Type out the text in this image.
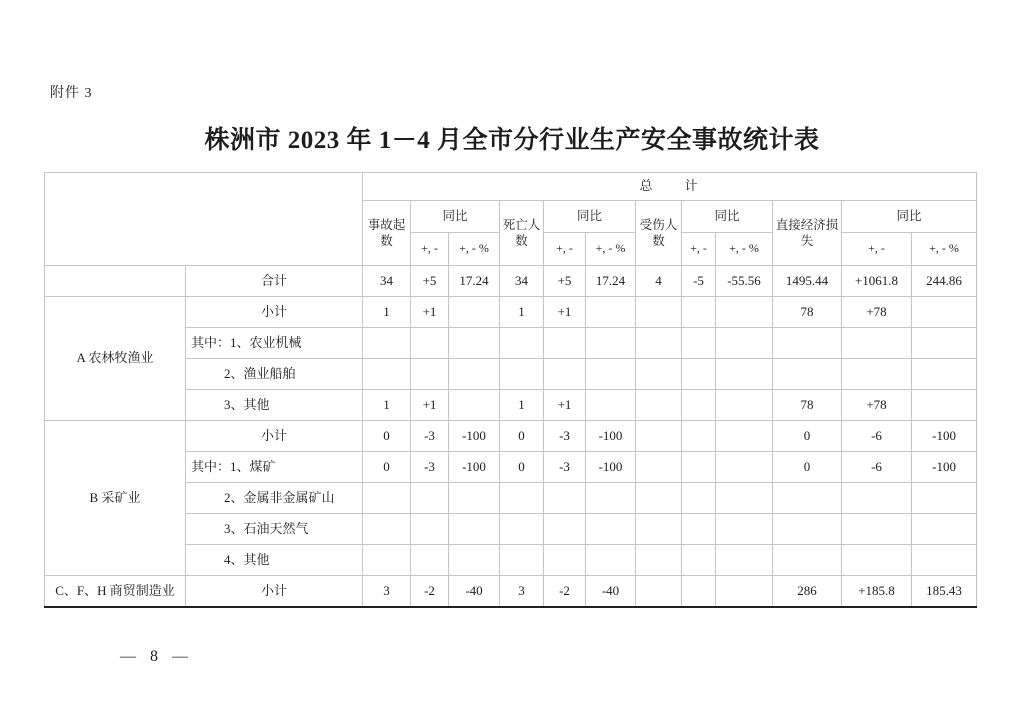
附件 3
株洲市 2023 年 1－4 月全市分行业生产安全事故统计表
		总　　计											
		事故起数	同比		死亡人数	同比		受伤人数	同比		直接经济损失	同比	
			+, -	+, - %		+, -	+, - %		+, -	+, - %		+, -	+, - %
	合计	34	+5	17.24	34	+5	17.24	4	-5	-55.56	1495.44	+1061.8	244.86
A 农林牧渔业	小计	1	+1		1	+1					78	+78	
	其中：1、农业机械												
	2、渔业船舶												
	3、其他	1	+1		1	+1					78	+78	
B 采矿业	小计	0	-3	-100	0	-3	-100				0	-6	-100
	其中：1、煤矿	0	-3	-100	0	-3	-100				0	-6	-100
	2、金属非金属矿山												
	3、石油天然气												
	4、其他												
C、F、H 商贸制造业	小计	3	-2	-40	3	-2	-40				286	+185.8	185.43
— 8 —
